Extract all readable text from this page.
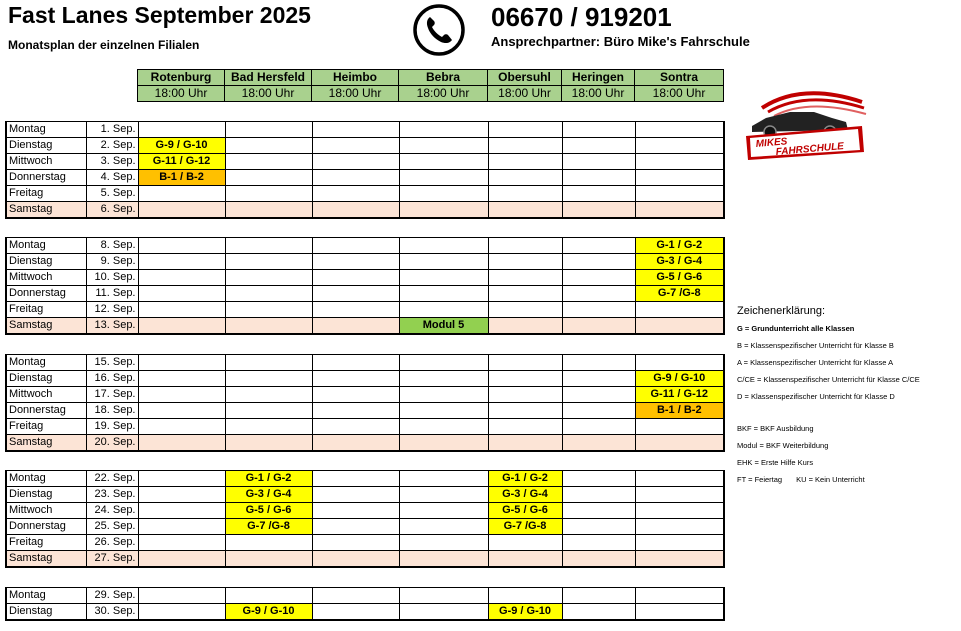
Fast Lanes September 2025
Monatsplan der einzelnen Filialen
06670 / 919201
Ansprechpartner: Büro Mike's Fahrschule
Rotenburg	Bad Hersfeld	Heimbo	Bebra	Obersuhl	Heringen	Sontra
18:00 Uhr	18:00 Uhr	18:00 Uhr	18:00 Uhr	18:00 Uhr	18:00 Uhr	18:00 Uhr
Montag	1. Sep.							
Dienstag	2. Sep.	G-9 / G-10						
Mittwoch	3. Sep.	G-11 / G-12						
Donnerstag	4. Sep.	B-1 / B-2						
Freitag	5. Sep.							
Samstag	6. Sep.							
Montag	8. Sep.							G-1 / G-2
Dienstag	9. Sep.							G-3 / G-4
Mittwoch	10. Sep.							G-5 / G-6
Donnerstag	11. Sep.							G-7 /G-8
Freitag	12. Sep.							
Samstag	13. Sep.				Modul 5			
Montag	15. Sep.							
Dienstag	16. Sep.							G-9 / G-10
Mittwoch	17. Sep.							G-11 / G-12
Donnerstag	18. Sep.							B-1 / B-2
Freitag	19. Sep.							
Samstag	20. Sep.							
Montag	22. Sep.		G-1 / G-2			G-1 / G-2		
Dienstag	23. Sep.		G-3 / G-4			G-3 / G-4		
Mittwoch	24. Sep.		G-5 / G-6			G-5 / G-6		
Donnerstag	25. Sep.		G-7 /G-8			G-7 /G-8		
Freitag	26. Sep.							
Samstag	27. Sep.							
Montag	29. Sep.							
Dienstag	30. Sep.		G-9 / G-10			G-9 / G-10		
MIKES
FAHRSCHULE
Zeichenerklärung:
G = Grundunterricht alle Klassen
B = Klassenspezifischer Unterricht für Klasse B
A = Klassenspezifischer Unterricht für Klasse A
C/CE = Klassenspezifischer Unterricht für Klasse C/CE
D = Klassenspezifischer Unterricht für Klasse D
BKF = BKF Ausbildung
Modul = BKF Weiterbildung
EHK = Erste Hilfe Kurs
FT = Feiertag KU = Kein Unterricht
